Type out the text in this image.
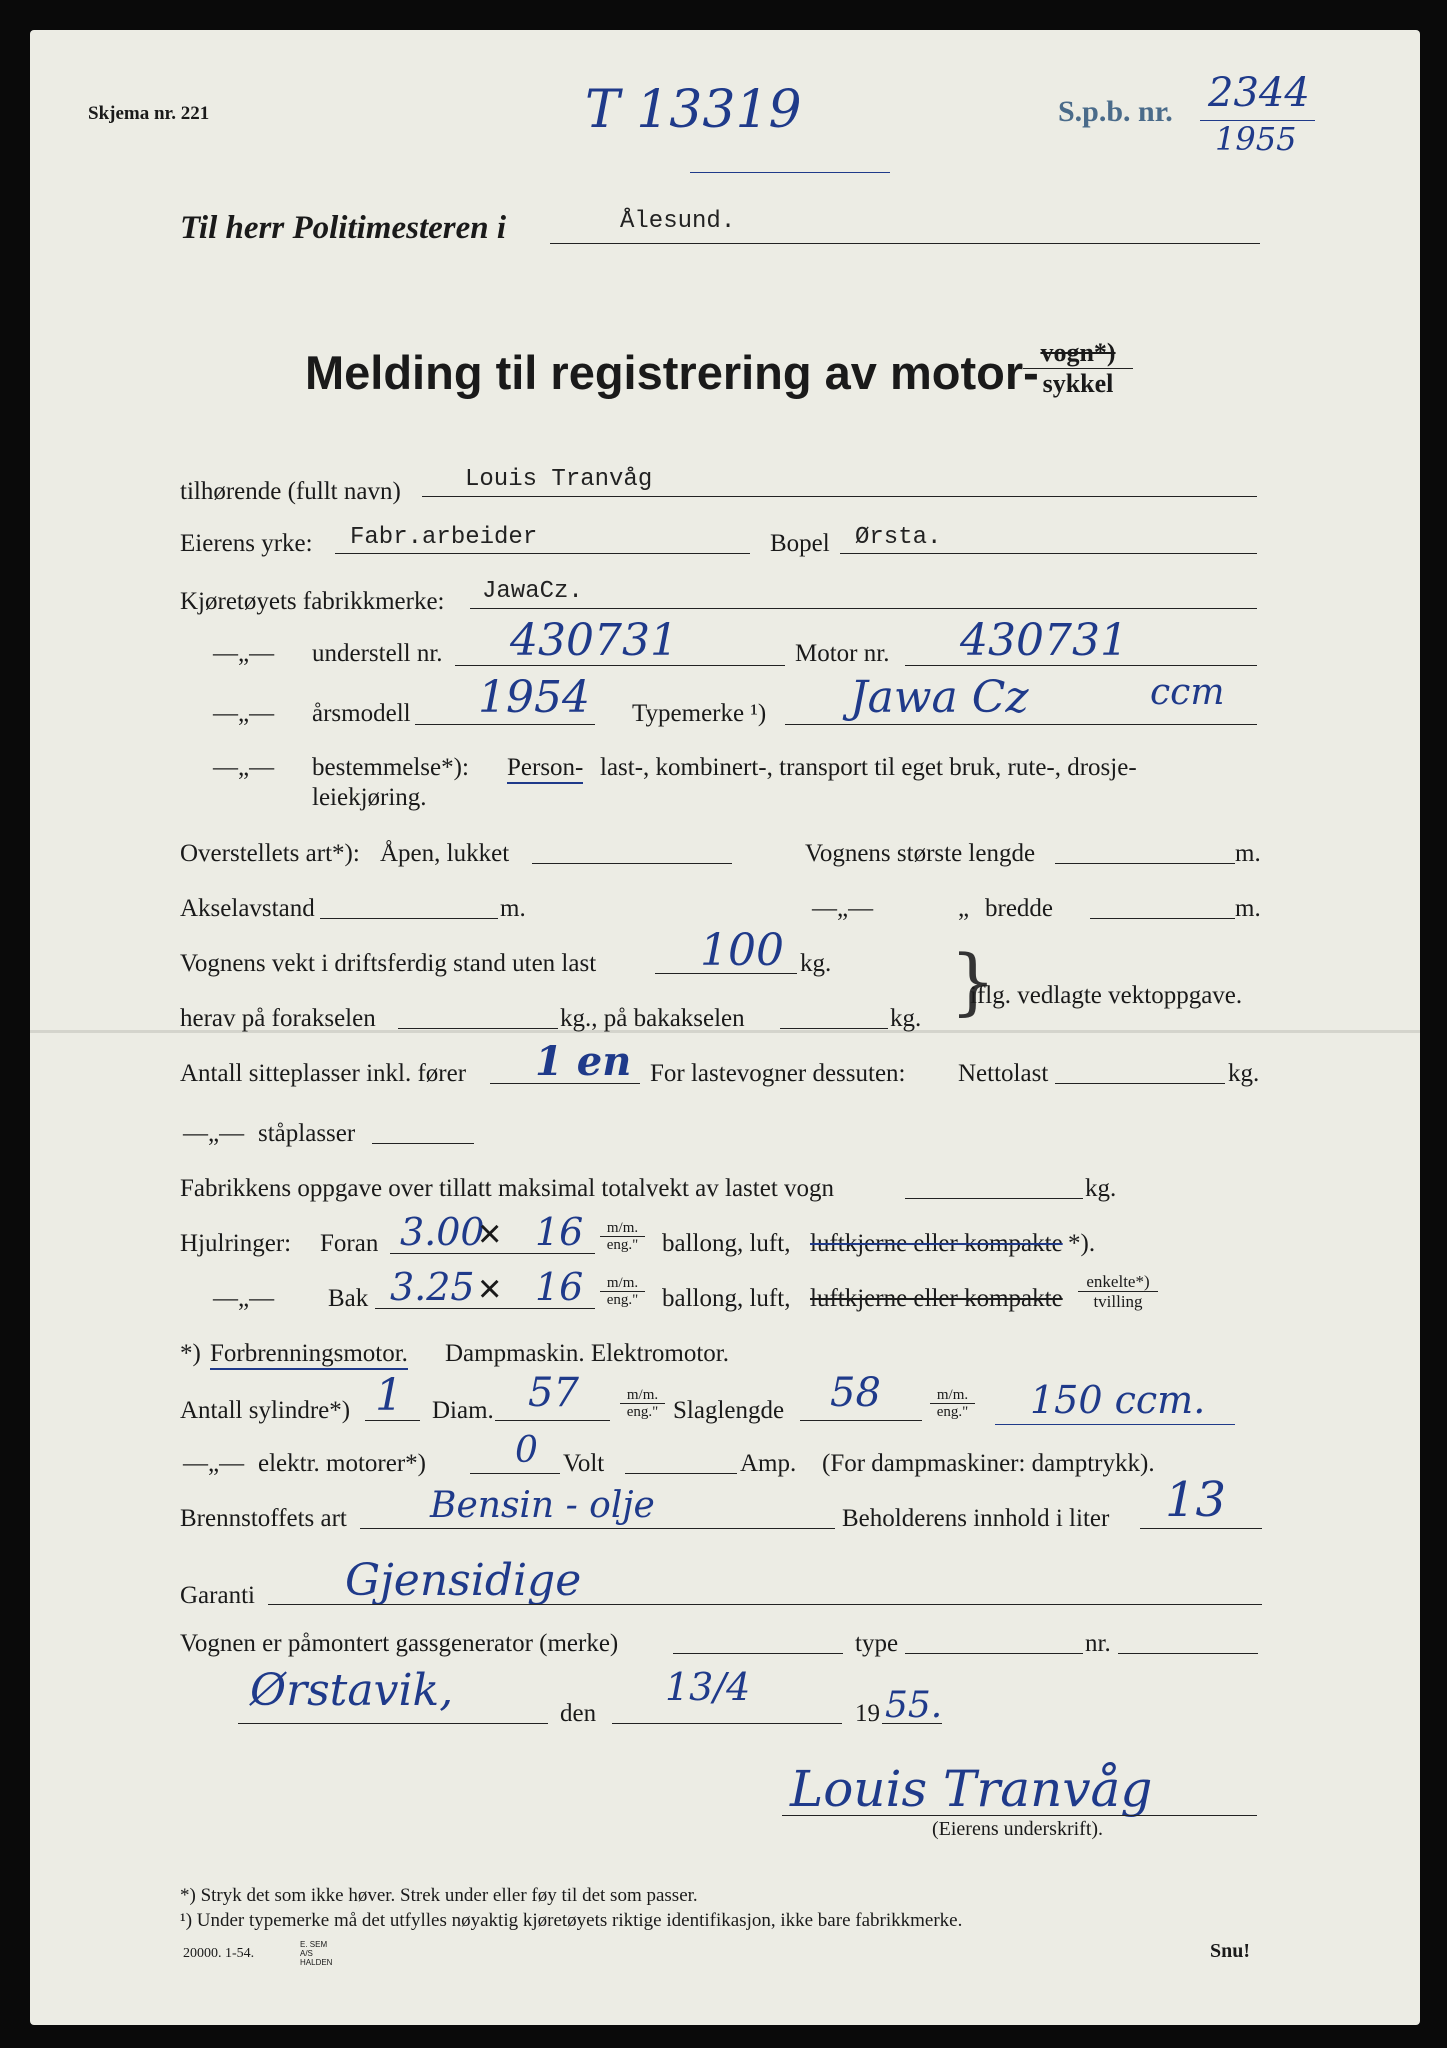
Skjema nr. 221	T 13319	S.p.b. nr. 2344
1955
Til herr Politimesteren i	Ålesund.
Melding til registrering av motor- vogn*)
sykkel
tilhørende (fullt navn)	Louis Tranvåg
Eierens yrke: Fabr.arbeider	Bopel Ørsta.
Kjøretøyets fabrikkmerke: JawaCz.
—„— understell nr. 430731	Motor nr. 430731
—„— årsmodell 1954 Typemerke ¹) Jawa Cz	ccm
—„— bestemmelse*): Person- last-, kombinert-, transport til eget bruk, rute-, drosje-
leiekjøring.
Overstellets art*): Åpen, lukket	Vognens største lengde	m.
Akselavstand	m.	—„—	„ bredde	m.
Vognens vekt i driftsferdig stand uten last 100 kg. }
iflg. vedlagte vektoppgave.
herav på forakselen	kg., på bakakselen	kg.
Antall sitteplasser inkl. fører 1 en For lastevogner dessuten: Nettolast	kg.
—„— ståplasser
Fabrikkens oppgave over tillatt maksimal totalvekt av lastet vogn	kg.
Hjulringer: Foran 3.00
× 16	m/m.
eng." ballong, luft, luftkjerne eller kompakte *).
—„— Bak 3.25 × 16	m/m.
eng." ballong, luft, luftkjerne eller kompakte
enkelte*)
tvilling
*) Forbrenningsmotor. Dampmaskin. Elektromotor.
Antall sylindre*) 1 Diam. 57	m/m.
eng." Slaglengde 58	m/m.
eng." 150 ccm.
—„— elektr. motorer*) 0 Volt	Amp. (For dampmaskiner: damptrykk).
Brennstoffets art Bensin - olje	Beholderens innhold i liter 13
Garanti Gjensidige
Vognen er påmontert gassgenerator (merke)	type	nr.
Ørstavik,	den
13/4
19 55.
Louis Tranvåg
(Eierens underskrift).
*) Stryk det som ikke høver. Strek under eller føy til det som passer.
¹) Under typemerke må det utfylles nøyaktig kjøretøyets riktige identifikasjon, ikke bare fabrikkmerke.
20000. 1-54.
E. SEM A/S HALDEN
Snu!
